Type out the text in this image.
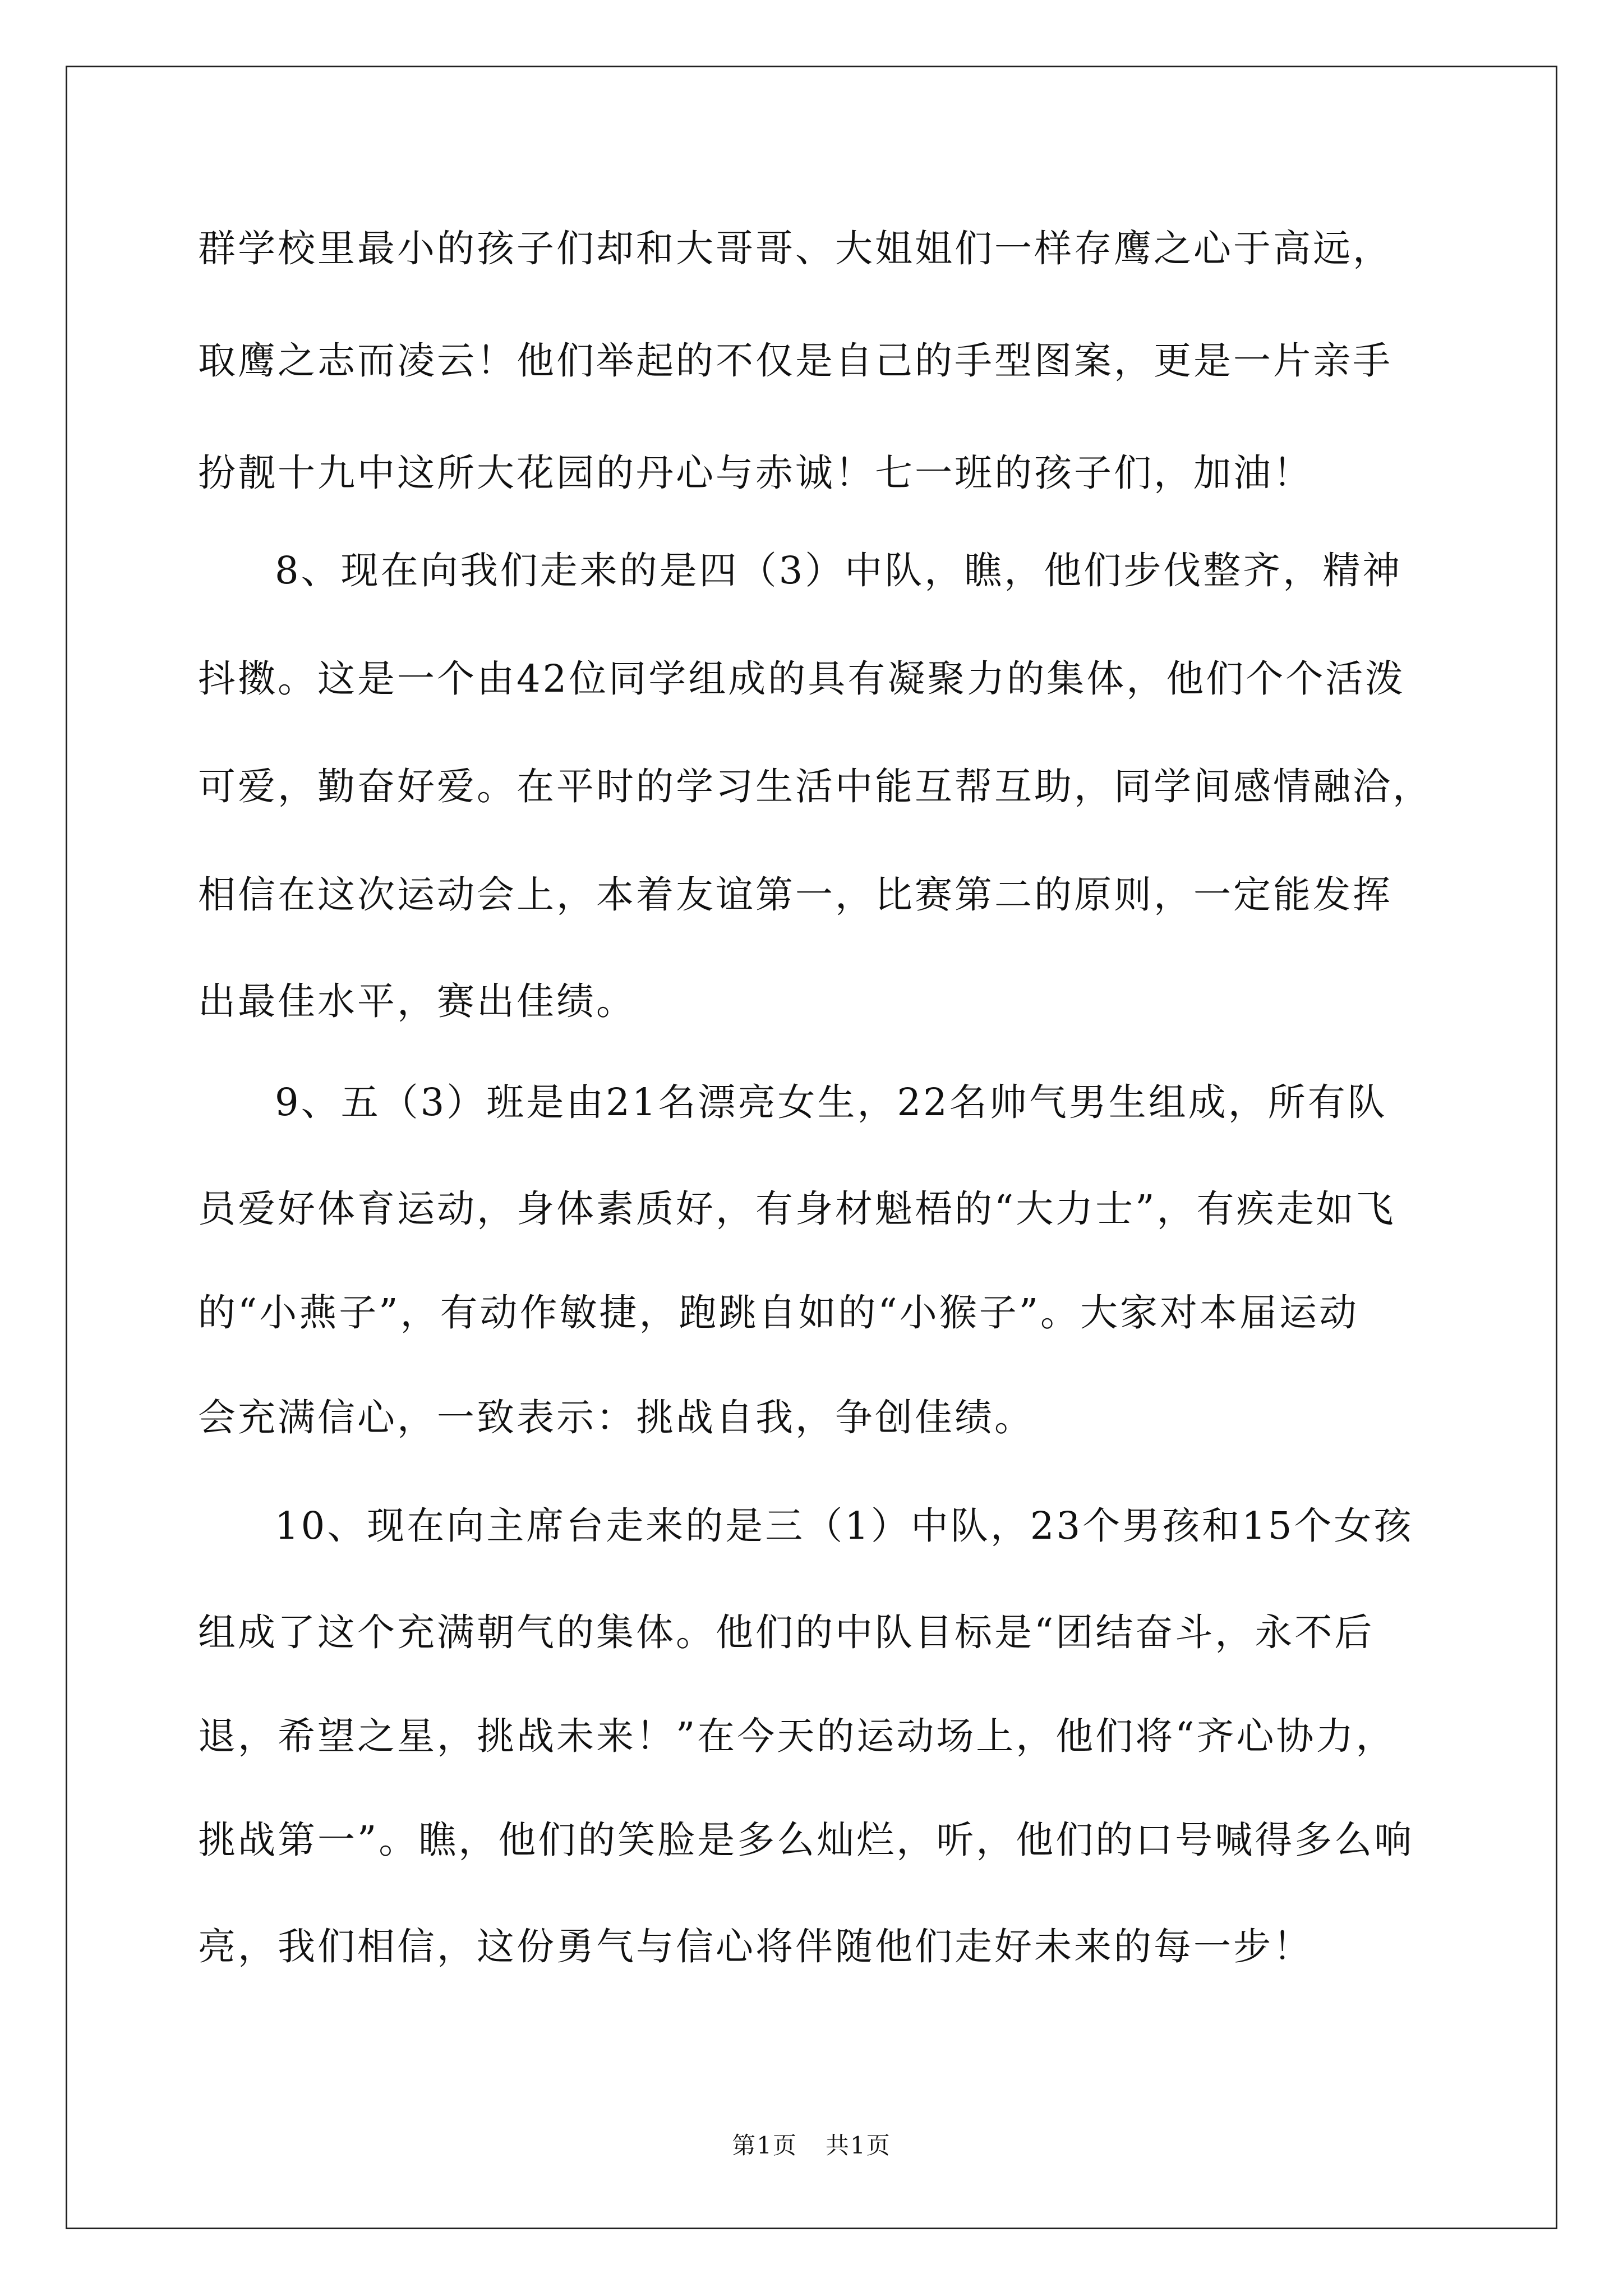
群学校里最小的孩子们却和大哥哥、大姐姐们一样存鹰之心于高远，
取鹰之志而凌云！他们举起的不仅是自己的手型图案，更是一片亲手
扮靓十九中这所大花园的丹心与赤诚！七一班的孩子们，加油！
8、现在向我们走来的是四（3）中队，瞧，他们步伐整齐，精神
抖擞。这是一个由42位同学组成的具有凝聚力的集体，他们个个活泼
可爱，勤奋好爱。在平时的学习生活中能互帮互助，同学间感情融洽，
相信在这次运动会上，本着友谊第一，比赛第二的原则，一定能发挥
出最佳水平，赛出佳绩。
9、五（3）班是由21名漂亮女生，22名帅气男生组成，所有队
员爱好体育运动，身体素质好，有身材魁梧的“大力士”，有疾走如飞
的“小燕子”，有动作敏捷，跑跳自如的“小猴子”。大家对本届运动
会充满信心，一致表示：挑战自我，争创佳绩。
10、现在向主席台走来的是三（1）中队，23个男孩和15个女孩
组成了这个充满朝气的集体。他们的中队目标是“团结奋斗，永不后
退，希望之星，挑战未来！”在今天的运动场上，他们将“齐心协力，
挑战第一”。瞧，他们的笑脸是多么灿烂，听，他们的口号喊得多么响
亮，我们相信，这份勇气与信心将伴随他们走好未来的每一步！
第1页 共1页
